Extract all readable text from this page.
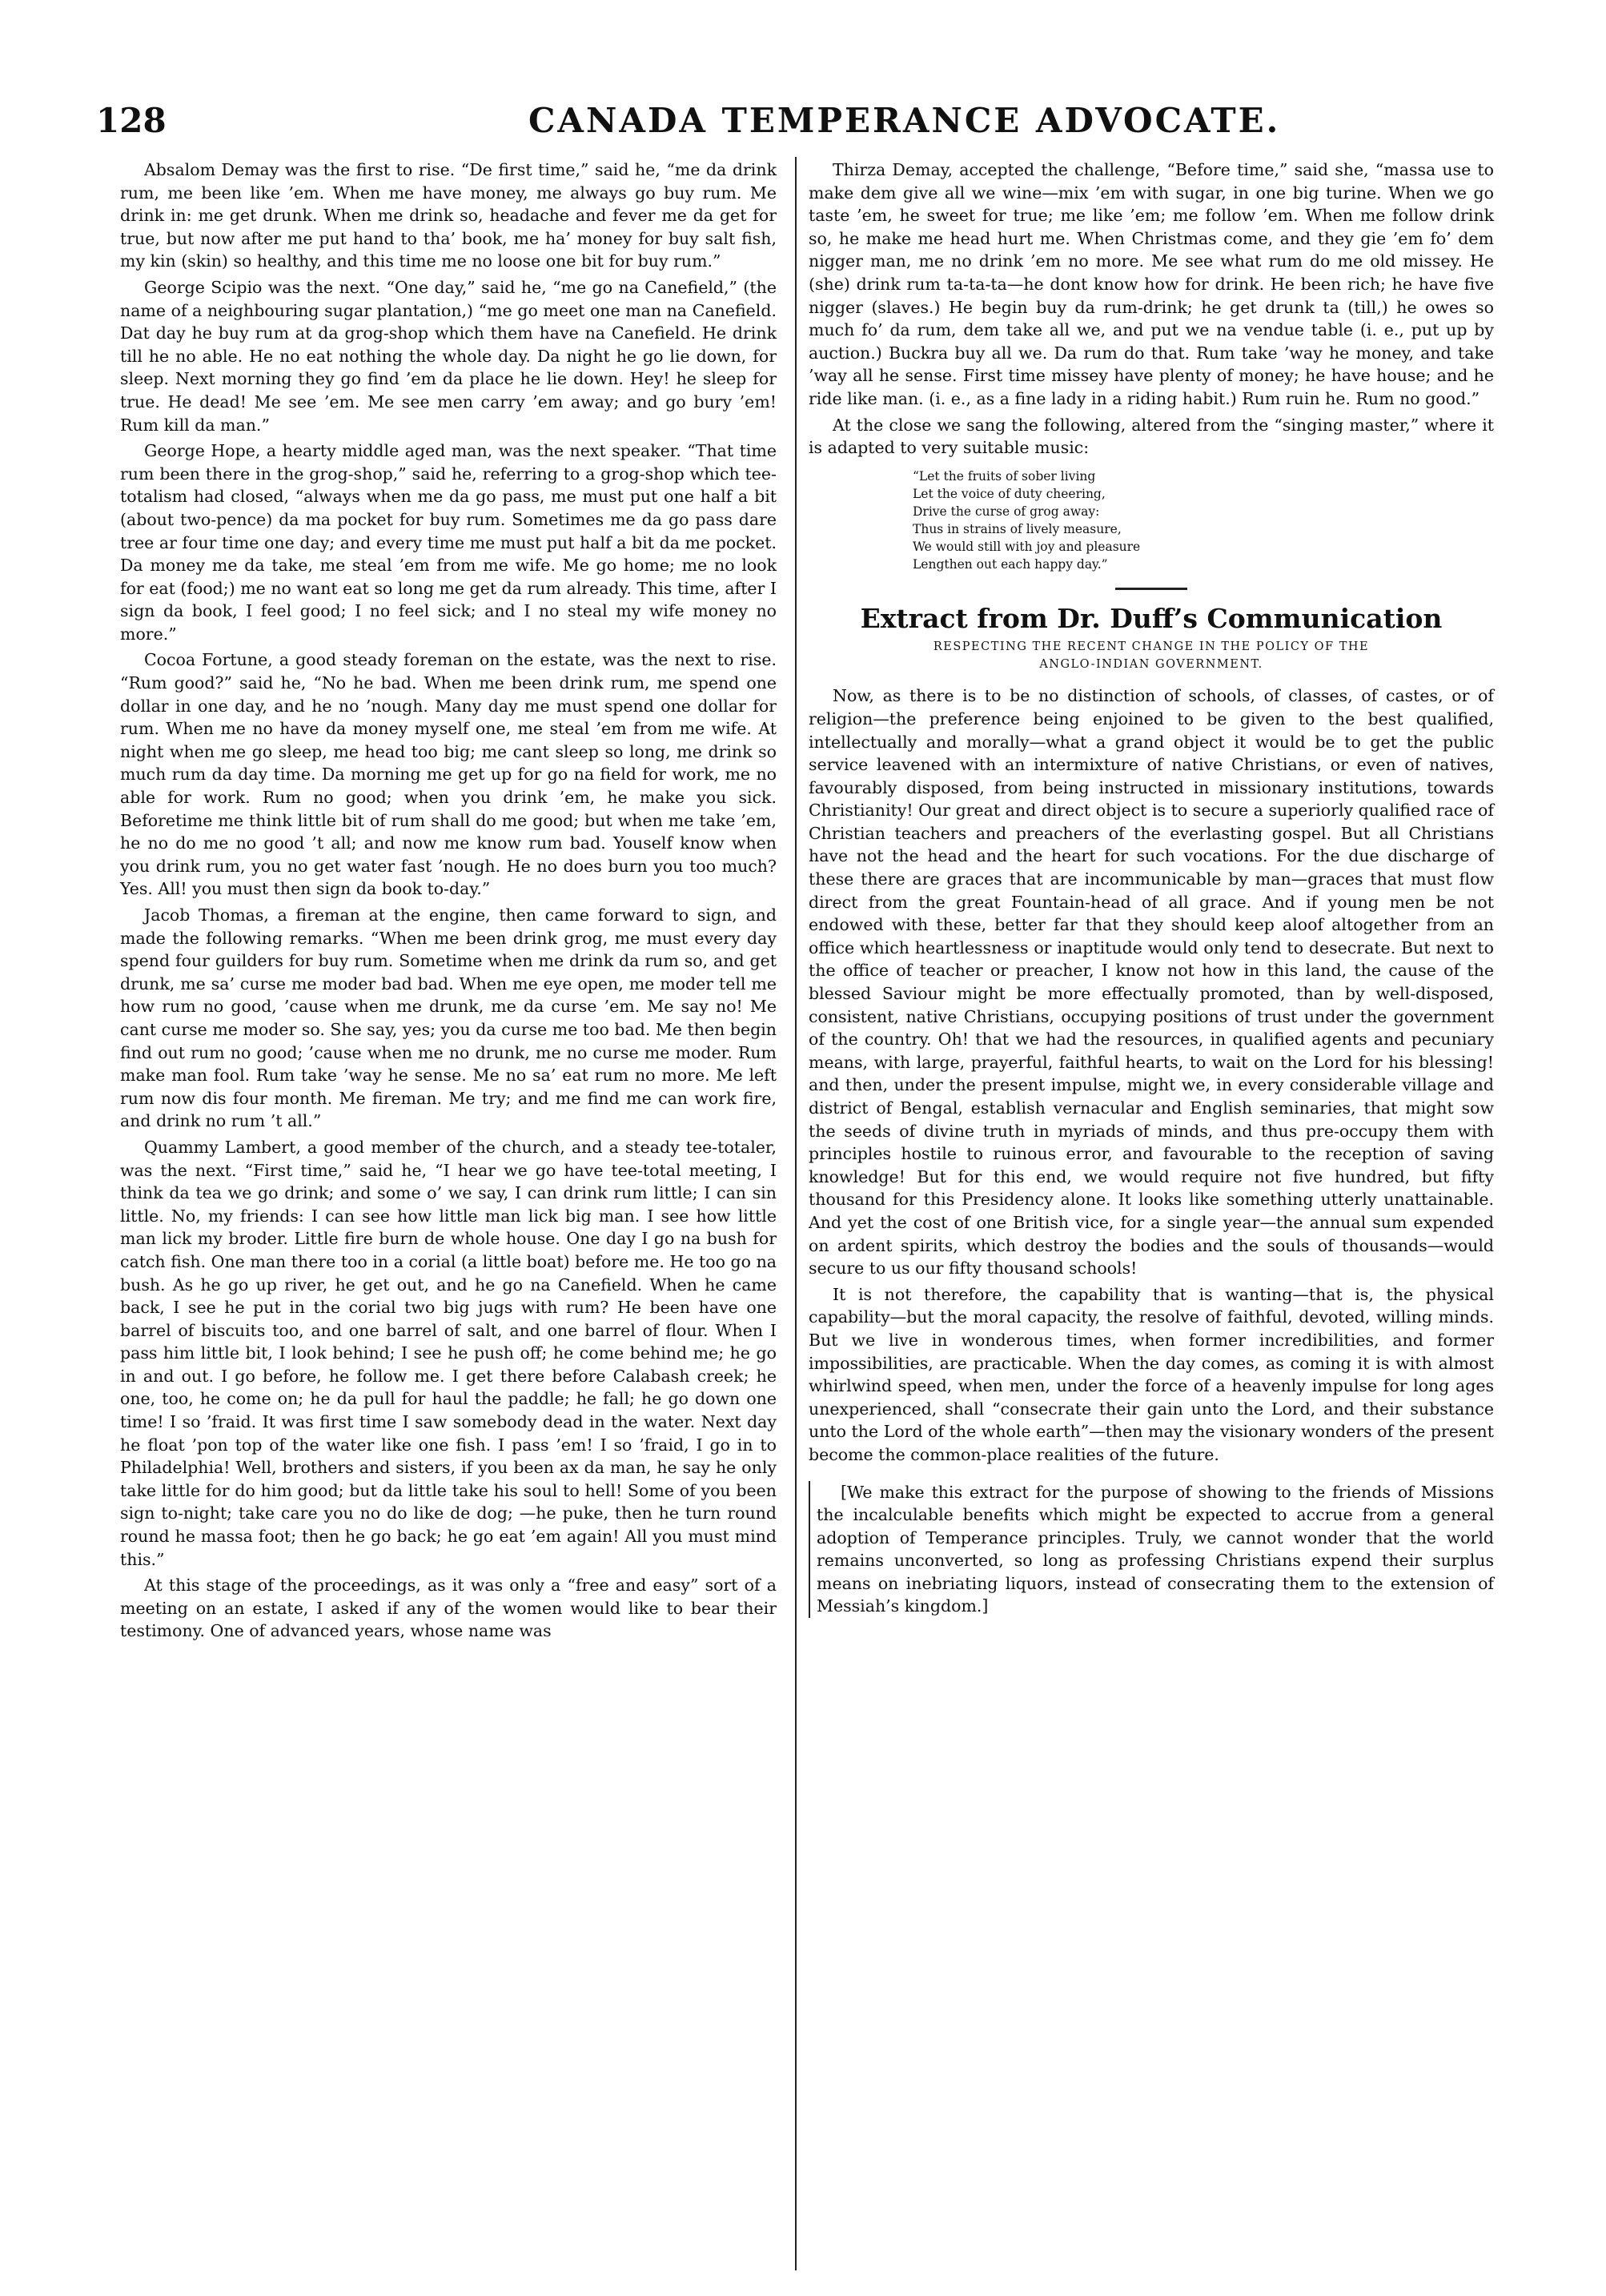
128	CANADA TEMPERANCE ADVOCATE.

Absalom Demay was the first to rise. “De first time,” said he, “me da drink rum, me been like ’em. When me have money, me always go buy rum. Me drink in: me get drunk. When me drink so, headache and fever me da get for true, but now after me put hand to tha’ book, me ha’ money for buy salt fish, my kin (skin) so healthy, and this time me no loose one bit for buy rum.”

George Scipio was the next. “One day,” said he, “me go na Canefield,” (the name of a neighbouring sugar plantation,) “me go meet one man na Canefield. Dat day he buy rum at da grog-shop which them have na Canefield. He drink till he no able. He no eat nothing the whole day. Da night he go lie down, for sleep. Next morning they go find ’em da place he lie down. Hey! he sleep for true. He dead! Me see ’em. Me see men carry ’em away; and go bury ’em! Rum kill da man.”

George Hope, a hearty middle aged man, was the next speaker. “That time rum been there in the grog-shop,” said he, referring to a grog-shop which tee-totalism had closed, “always when me da go pass, me must put one half a bit (about two-pence) da ma pocket for buy rum. Sometimes me da go pass dare tree ar four time one day; and every time me must put half a bit da me pocket. Da money me da take, me steal ’em from me wife. Me go home; me no look for eat (food;) me no want eat so long me get da rum already. This time, after I sign da book, I feel good; I no feel sick; and I no steal my wife money no more.”

Cocoa Fortune, a good steady foreman on the estate, was the next to rise. “Rum good?” said he, “No he bad. When me been drink rum, me spend one dollar in one day, and he no ’nough. Many day me must spend one dollar for rum. When me no have da money myself one, me steal ’em from me wife. At night when me go sleep, me head too big; me cant sleep so long, me drink so much rum da day time. Da morning me get up for go na field for work, me no able for work. Rum no good; when you drink ’em, he make you sick. Beforetime me think little bit of rum shall do me good; but when me take ’em, he no do me no good ’t all; and now me know rum bad. Youself know when you drink rum, you no get water fast ’nough. He no does burn you too much? Yes. All! you must then sign da book to-day.”

Jacob Thomas, a fireman at the engine, then came forward to sign, and made the following remarks. “When me been drink grog, me must every day spend four guilders for buy rum. Sometime when me drink da rum so, and get drunk, me sa’ curse me moder bad bad. When me eye open, me moder tell me how rum no good, ’cause when me drunk, me da curse ’em. Me say no! Me cant curse me moder so. She say, yes; you da curse me too bad. Me then begin find out rum no good; ’cause when me no drunk, me no curse me moder. Rum make man fool. Rum take ’way he sense. Me no sa’ eat rum no more. Me left rum now dis four month. Me fireman. Me try; and me find me can work fire, and drink no rum ’t all.”

Quammy Lambert, a good member of the church, and a steady tee-totaler, was the next. “First time,” said he, “I hear we go have tee-total meeting, I think da tea we go drink; and some o’ we say, I can drink rum little; I can sin little. No, my friends: I can see how little man lick big man. I see how little man lick my broder. Little fire burn de whole house. One day I go na bush for catch fish. One man there too in a corial (a little boat) before me. He too go na bush. As he go up river, he get out, and he go na Canefield. When he came back, I see he put in the corial two big jugs with rum? He been have one barrel of biscuits too, and one barrel of salt, and one barrel of flour. When I pass him little bit, I look behind; I see he push off; he come behind me; he go in and out. I go before, he follow me. I get there before Calabash creek; he one, too, he come on; he da pull for haul the paddle; he fall; he go down one time! I so ’fraid. It was first time I saw somebody dead in the water. Next day he float ’pon top of the water like one fish. I pass ’em! I so ’fraid, I go in to Philadelphia! Well, brothers and sisters, if you been ax da man, he say he only take little for do him good; but da little take his soul to hell! Some of you been sign to-night; take care you no do like de dog; —he puke, then he turn round round he massa foot; then he go back; he go eat ’em again! All you must mind this.”

At this stage of the proceedings, as it was only a “free and easy” sort of a meeting on an estate, I asked if any of the women would like to bear their testimony. One of advanced years, whose name was

Thirza Demay, accepted the challenge, “Before time,” said she, “massa use to make dem give all we wine—mix ’em with sugar, in one big turine. When we go taste ’em, he sweet for true; me like ’em; me follow ’em. When me follow drink so, he make me head hurt me. When Christmas come, and they gie ’em fo’ dem nigger man, me no drink ’em no more. Me see what rum do me old missey. He (she) drink rum ta-ta-ta—he dont know how for drink. He been rich; he have five nigger (slaves.) He begin buy da rum-drink; he get drunk ta (till,) he owes so much fo’ da rum, dem take all we, and put we na vendue table (i. e., put up by auction.) Buckra buy all we. Da rum do that. Rum take ’way he money, and take ’way all he sense. First time missey have plenty of money; he have house; and he ride like man. (i. e., as a fine lady in a riding habit.) Rum ruin he. Rum no good.”

At the close we sang the following, altered from the “singing master,” where it is adapted to very suitable music:

“Let the fruits of sober living
Let the voice of duty cheering,
Drive the curse of grog away:
Thus in strains of lively measure,
We would still with joy and pleasure
Lengthen out each happy day.”
Extract from Dr. Duff’s Communication
RESPECTING THE RECENT CHANGE IN THE POLICY OF THE
ANGLO-INDIAN GOVERNMENT.

Now, as there is to be no distinction of schools, of classes, of castes, or of religion—the preference being enjoined to be given to the best qualified, intellectually and morally—what a grand object it would be to get the public service leavened with an intermixture of native Christians, or even of natives, favourably disposed, from being instructed in missionary institutions, towards Christianity! Our great and direct object is to secure a superiorly qualified race of Christian teachers and preachers of the everlasting gospel. But all Christians have not the head and the heart for such vocations. For the due discharge of these there are graces that are incommunicable by man—graces that must flow direct from the great Fountain-head of all grace. And if young men be not endowed with these, better far that they should keep aloof altogether from an office which heartlessness or inaptitude would only tend to desecrate. But next to the office of teacher or preacher, I know not how in this land, the cause of the blessed Saviour might be more effectually promoted, than by well-disposed, consistent, native Christians, occupying positions of trust under the government of the country. Oh! that we had the resources, in qualified agents and pecuniary means, with large, prayerful, faithful hearts, to wait on the Lord for his blessing! and then, under the present impulse, might we, in every considerable village and district of Bengal, establish vernacular and English seminaries, that might sow the seeds of divine truth in myriads of minds, and thus pre-occupy them with principles hostile to ruinous error, and favourable to the reception of saving knowledge! But for this end, we would require not five hundred, but fifty thousand for this Presidency alone. It looks like something utterly unattainable. And yet the cost of one British vice, for a single year—the annual sum expended on ardent spirits, which destroy the bodies and the souls of thousands—would secure to us our fifty thousand schools!

It is not therefore, the capability that is wanting—that is, the physical capability—but the moral capacity, the resolve of faithful, devoted, willing minds. But we live in wonderous times, when former incredibilities, and former impossibilities, are practicable. When the day comes, as coming it is with almost whirlwind speed, when men, under the force of a heavenly impulse for long ages unexperienced, shall “consecrate their gain unto the Lord, and their substance unto the Lord of the whole earth”—then may the visionary wonders of the present become the common-place realities of the future.

[We make this extract for the purpose of showing to the friends of Missions the incalculable benefits which might be expected to accrue from a general adoption of Temperance principles. Truly, we cannot wonder that the world remains unconverted, so long as professing Christians expend their surplus means on inebriating liquors, instead of consecrating them to the extension of Messiah’s kingdom.]
